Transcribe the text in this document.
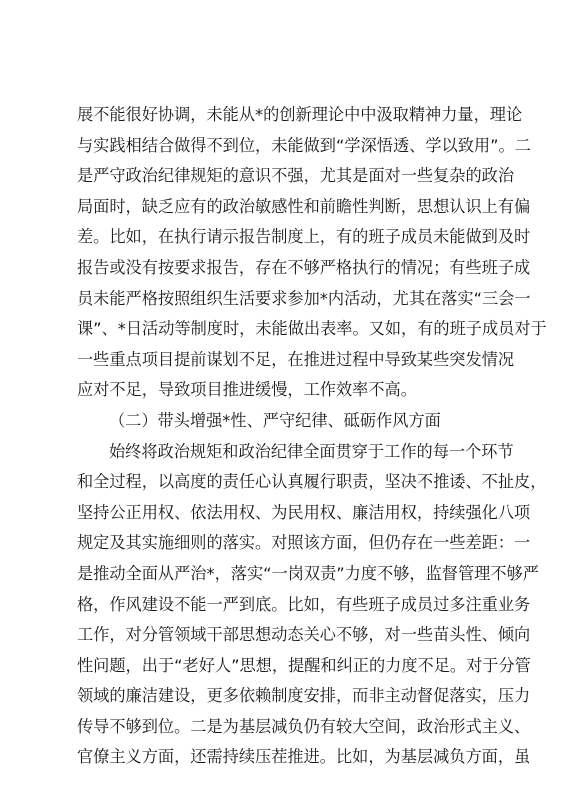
展不能很好协调，未能从*的创新理论中中汲取精神力量，理论
与实践相结合做得不到位，未能做到“学深悟透、学以致用”。二
是严守政治纪律规矩的意识不强，尤其是面对一些复杂的政治
局面时，缺乏应有的政治敏感性和前瞻性判断，思想认识上有偏
差。比如，在执行请示报告制度上，有的班子成员未能做到及时
报告或没有按要求报告，存在不够严格执行的情况；有些班子成
员未能严格按照组织生活要求参加*内活动，尤其在落实“三会一
课”、*日活动等制度时，未能做出表率。又如，有的班子成员对于
一些重点项目提前谋划不足，在推进过程中导致某些突发情况
应对不足，导致项目推进缓慢，工作效率不高。
（二）带头增强*性、严守纪律、砥砺作风方面
始终将政治规矩和政治纪律全面贯穿于工作的每一个环节
和全过程，以高度的责任心认真履行职责，坚决不推诿、不扯皮，
坚持公正用权、依法用权、为民用权、廉洁用权，持续强化八项
规定及其实施细则的落实。对照该方面，但仍存在一些差距：一
是推动全面从严治*，落实“一岗双责”力度不够，监督管理不够严
格，作风建设不能一严到底。比如，有些班子成员过多注重业务
工作，对分管领域干部思想动态关心不够，对一些苗头性、倾向
性问题，出于“老好人”思想，提醒和纠正的力度不足。对于分管
领域的廉洁建设，更多依赖制度安排，而非主动督促落实，压力
传导不够到位。二是为基层减负仍有较大空间，政治形式主义、
官僚主义方面，还需持续压茬推进。比如，为基层减负方面，虽
